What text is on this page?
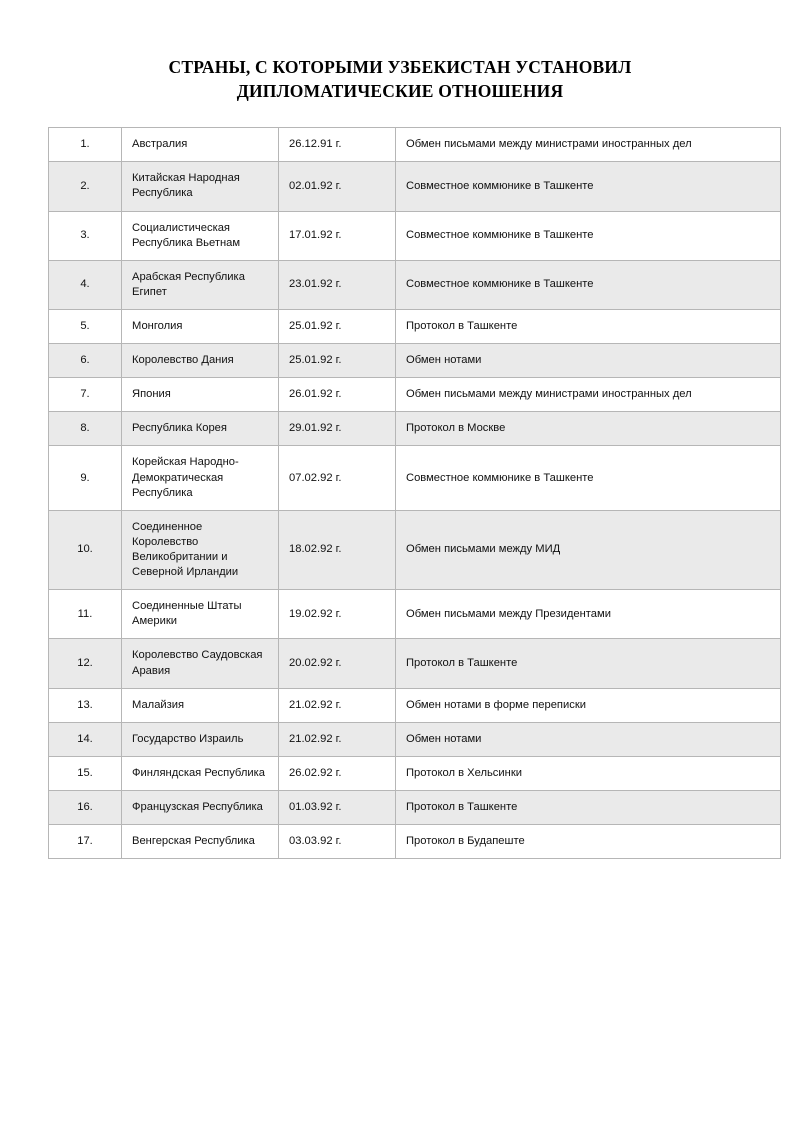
СТРАНЫ, С КОТОРЫМИ УЗБЕКИСТАН УСТАНОВИЛ
ДИПЛОМАТИЧЕСКИЕ ОТНОШЕНИЯ
1.	Австралия	26.12.91 г.	Обмен письмами между министрами иностранных дел
2.	Китайская Народная Республика	02.01.92 г.	Совместное коммюнике в Ташкенте
3.	Социалистическая Республика Вьетнам	17.01.92 г.	Совместное коммюнике в Ташкенте
4.	Арабская Республика Египет	23.01.92 г.	Совместное коммюнике в Ташкенте
5.	Монголия	25.01.92 г.	Протокол в Ташкенте
6.	Королевство Дания	25.01.92 г.	Обмен нотами
7.	Япония	26.01.92 г.	Обмен письмами между министрами иностранных дел
8.	Республика Корея	29.01.92 г.	Протокол в Москве
9.	Корейская Народно-Демократическая Республика	07.02.92 г.	Совместное коммюнике в Ташкенте
10.	Соединенное Королевство Великобритании и Северной Ирландии	18.02.92 г.	Обмен письмами между МИД
11.	Соединенные Штаты Америки	19.02.92 г.	Обмен письмами между Президентами
12.	Королевство Саудовская Аравия	20.02.92 г.	Протокол в Ташкенте
13.	Малайзия	21.02.92 г.	Обмен нотами в форме переписки
14.	Государство Израиль	21.02.92 г.	Обмен нотами
15.	Финляндская Республика	26.02.92 г.	Протокол в Хельсинки
16.	Французская Республика	01.03.92 г.	Протокол в Ташкенте
17.	Венгерская Республика	03.03.92 г.	Протокол в Будапеште
